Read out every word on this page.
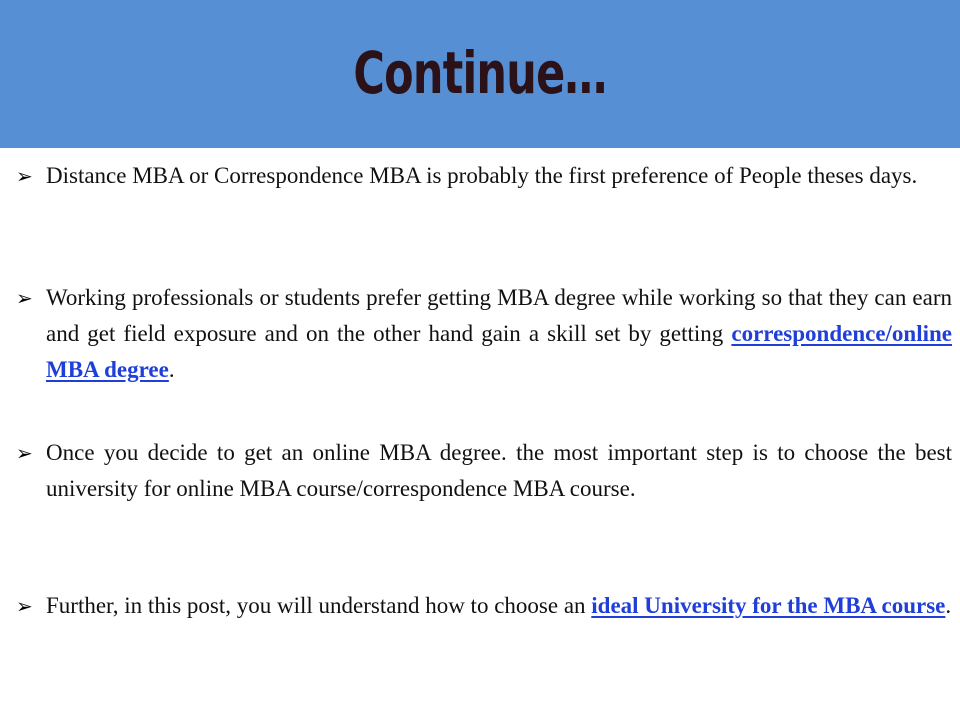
Continue…
➢ Distance MBA or Correspondence MBA is probably the first preference of People theses days.
➢ Working professionals or students prefer getting MBA degree while working so that they can earn and get field exposure and on the other hand gain a skill set by getting correspondence/online MBA degree.
➢ Once you decide to get an online MBA degree. the most important step is to choose the best university for online MBA course/correspondence MBA course.
➢ Further, in this post, you will understand how to choose an ideal University for the MBA course.
